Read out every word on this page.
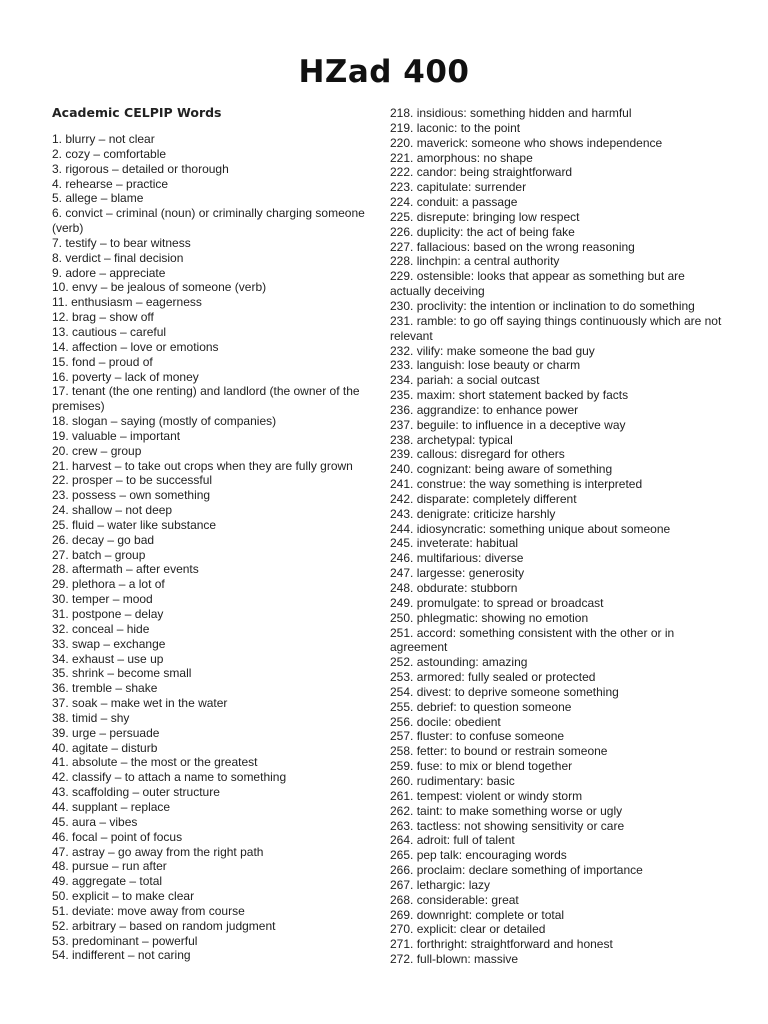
HZad 400
Academic CELPIP Words
1. blurry – not clear
2. cozy – comfortable
3. rigorous – detailed or thorough
4. rehearse – practice
5. allege – blame
6. convict – criminal (noun) or criminally charging someone (verb)
7. testify – to bear witness
8. verdict – final decision
9. adore – appreciate
10. envy – be jealous of someone (verb)
11. enthusiasm – eagerness
12. brag – show off
13. cautious – careful
14. affection – love or emotions
15. fond – proud of
16. poverty – lack of money
17. tenant (the one renting) and landlord (the owner of the premises)
18. slogan – saying (mostly of companies)
19. valuable – important
20. crew – group
21. harvest – to take out crops when they are fully grown
22. prosper – to be successful
23. possess – own something
24. shallow – not deep
25. fluid – water like substance
26. decay – go bad
27. batch – group
28. aftermath – after events
29. plethora – a lot of
30. temper – mood
31. postpone – delay
32. conceal – hide
33. swap – exchange
34. exhaust – use up
35. shrink – become small
36. tremble – shake
37. soak – make wet in the water
38. timid – shy
39. urge – persuade
40. agitate – disturb
41. absolute – the most or the greatest
42. classify – to attach a name to something
43. scaffolding – outer structure
44. supplant – replace
45. aura – vibes
46. focal – point of focus
47. astray – go away from the right path
48. pursue – run after
49. aggregate – total
50. explicit – to make clear
51. deviate: move away from course
52. arbitrary – based on random judgment
53. predominant – powerful
54. indifferent – not caring
218. insidious: something hidden and harmful
219. laconic: to the point
220. maverick: someone who shows independence
221. amorphous: no shape
222. candor: being straightforward
223. capitulate: surrender
224. conduit: a passage
225. disrepute: bringing low respect
226. duplicity: the act of being fake
227. fallacious: based on the wrong reasoning
228. linchpin: a central authority
229. ostensible: looks that appear as something but are actually deceiving
230. proclivity: the intention or inclination to do something
231. ramble: to go off saying things continuously which are not relevant
232. vilify: make someone the bad guy
233. languish: lose beauty or charm
234. pariah: a social outcast
235. maxim: short statement backed by facts
236. aggrandize: to enhance power
237. beguile: to influence in a deceptive way
238. archetypal: typical
239. callous: disregard for others
240. cognizant: being aware of something
241. construe: the way something is interpreted
242. disparate: completely different
243. denigrate: criticize harshly
244. idiosyncratic: something unique about someone
245. inveterate: habitual
246. multifarious: diverse
247. largesse: generosity
248. obdurate: stubborn
249. promulgate: to spread or broadcast
250. phlegmatic: showing no emotion
251. accord: something consistent with the other or in agreement
252. astounding: amazing
253. armored: fully sealed or protected
254. divest: to deprive someone something
255. debrief: to question someone
256. docile: obedient
257. fluster: to confuse someone
258. fetter: to bound or restrain someone
259. fuse: to mix or blend together
260. rudimentary: basic
261. tempest: violent or windy storm
262. taint: to make something worse or ugly
263. tactless: not showing sensitivity or care
264. adroit: full of talent
265. pep talk: encouraging words
266. proclaim: declare something of importance
267. lethargic: lazy
268. considerable: great
269. downright: complete or total
270. explicit: clear or detailed
271. forthright: straightforward and honest
272. full-blown: massive
